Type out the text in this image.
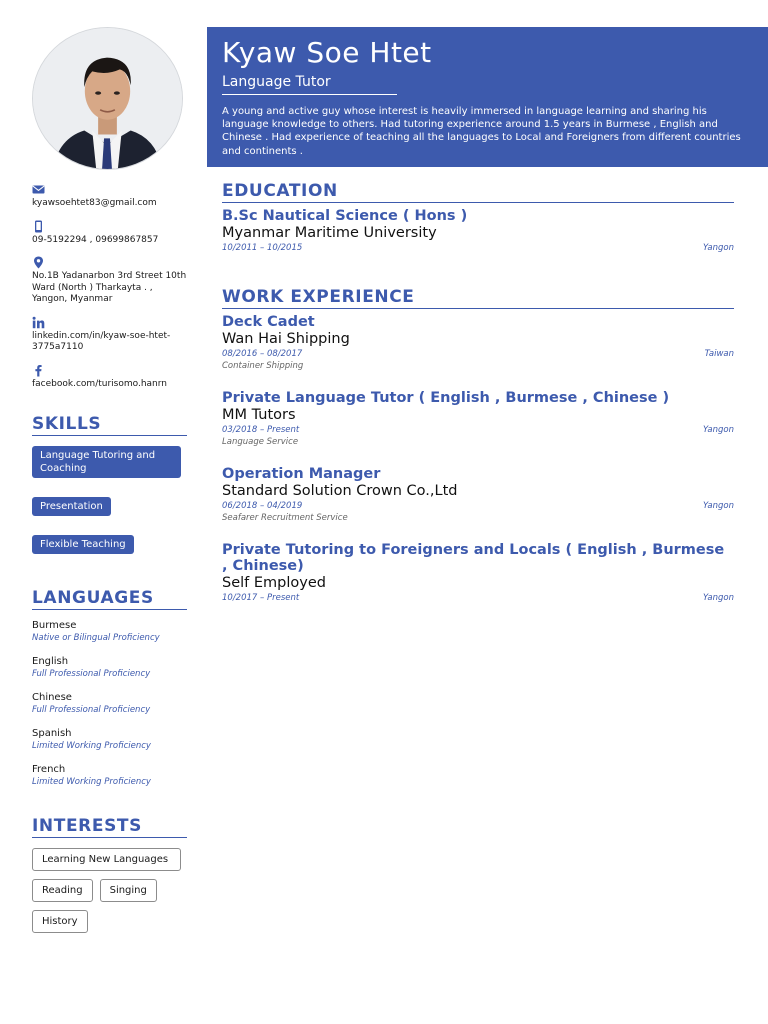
Kyaw Soe Htet
Language Tutor
A young and active guy whose interest is heavily immersed in language learning and sharing his language knowledge to others. Had tutoring experience around 1.5 years in Burmese , English and Chinese . Had experience of teaching all the languages to Local and Foreigners from different countries and continents .
kyawsoehtet83@gmail.com
09-5192294 , 09699867857
No.1B Yadanarbon 3rd Street 10th Ward (North ) Tharkayta . , Yangon, Myanmar
linkedin.com/in/kyaw-soe-htet-3775a7110
facebook.com/turisomo.hanrn
SKILLS
Language Tutoring and Coaching
Presentation
Flexible Teaching
LANGUAGES
Burmese
Native or Bilingual Proficiency
English
Full Professional Proficiency
Chinese
Full Professional Proficiency
Spanish
Limited Working Proficiency
French
Limited Working Proficiency
INTERESTS
Learning New Languages
Reading	Singing
History
EDUCATION
B.Sc Nautical Science ( Hons )
Myanmar Maritime University
10/2011 – 10/2015	Yangon
WORK EXPERIENCE
Deck Cadet
Wan Hai Shipping
08/2016 – 08/2017	Taiwan
Container Shipping
Private Language Tutor ( English , Burmese , Chinese )
MM Tutors
03/2018 – Present	Yangon
Language Service
Operation Manager
Standard Solution Crown Co.,Ltd
06/2018 – 04/2019	Yangon
Seafarer Recruitment Service
Private Tutoring to Foreigners and Locals ( English , Burmese , Chinese)
Self Employed
10/2017 – Present	Yangon
